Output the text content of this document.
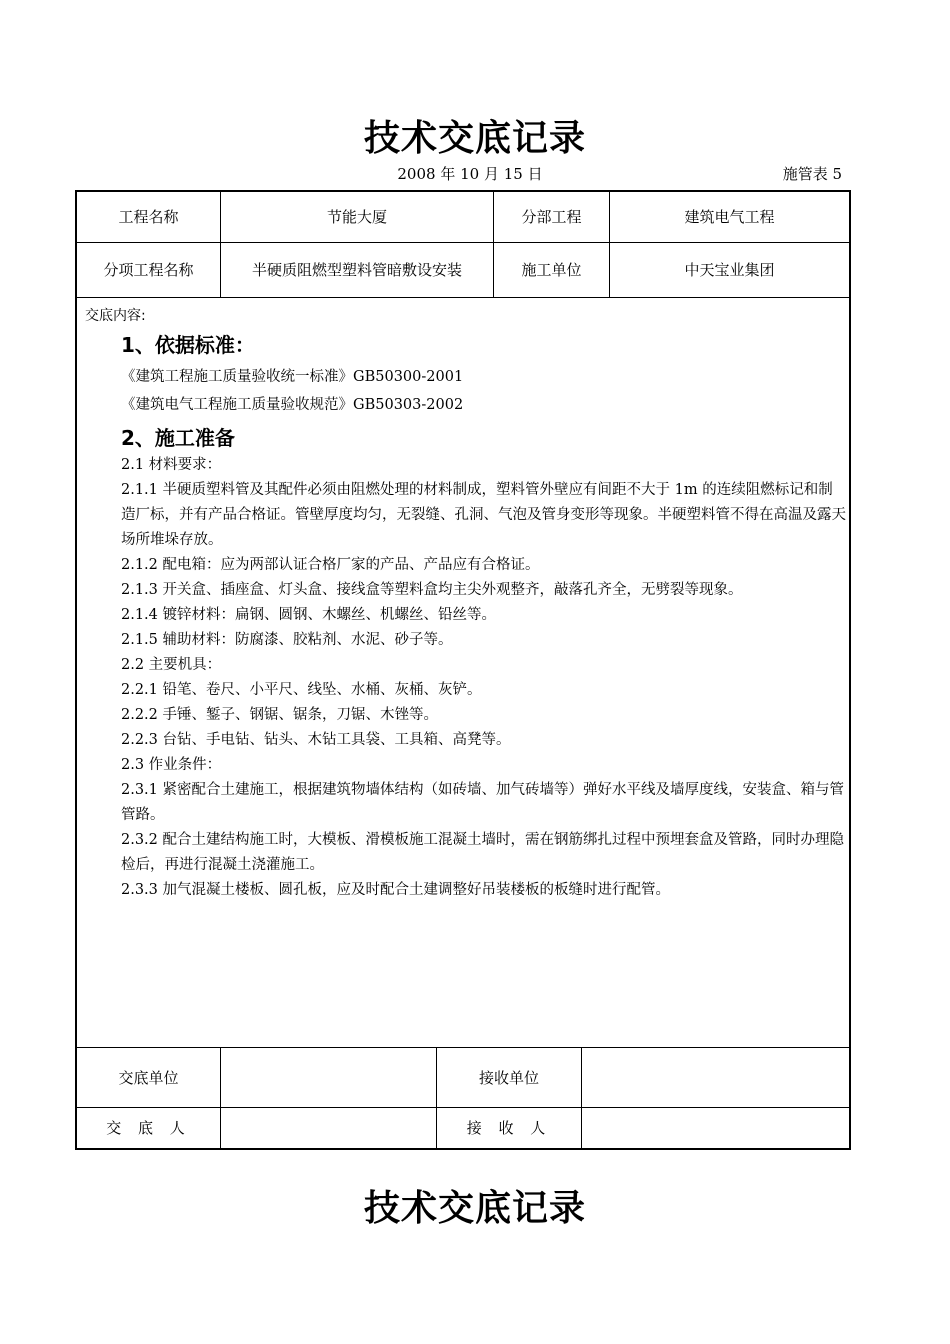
技术交底记录
2008 年 10 月 15 日	施管表 5
工程名称	节能大厦	分部工程	建筑电气工程
分项工程名称	半硬质阻燃型塑料管暗敷设安装	施工单位	中天宝业集团
交底内容:
1、依据标准：
《建筑工程施工质量验收统一标准》GB50300-2001
《建筑电气工程施工质量验收规范》GB50303-2002
2、施工准备
2.1 材料要求：
2.1.1 半硬质塑料管及其配件必须由阻燃处理的材料制成，塑料管外壁应有间距不大于 1m 的连续阻燃标记和制造厂标，并有产品合格证。管壁厚度均匀，无裂缝、孔洞、气泡及管身变形等现象。半硬塑料管不得在高温及露天场所堆垛存放。
2.1.2 配电箱：应为两部认证合格厂家的产品、产品应有合格证。
2.1.3 开关盒、插座盒、灯头盒、接线盒等塑料盒均主尖外观整齐，敲落孔齐全，无劈裂等现象。
2.1.4 镀锌材料：扁钢、圆钢、木螺丝、机螺丝、铅丝等。
2.1.5 辅助材料：防腐漆、胶粘剂、水泥、砂子等。
2.2 主要机具：
2.2.1 铅笔、卷尺、小平尺、线坠、水桶、灰桶、灰铲。
2.2.2 手锤、錾子、钢锯、锯条，刀锯、木锉等。
2.2.3 台钻、手电钻、钻头、木钻工具袋、工具箱、高凳等。
2.3 作业条件：
2.3.1 紧密配合土建施工，根据建筑物墙体结构（如砖墙、加气砖墙等）弹好水平线及墙厚度线，安装盒、箱与管管路。
2.3.2 配合土建结构施工时，大模板、滑模板施工混凝土墙时，需在钢筋绑扎过程中预埋套盒及管路，同时办理隐检后，再进行混凝土浇灌施工。
2.3.3 加气混凝土楼板、圆孔板，应及时配合土建调整好吊装楼板的板缝时进行配管。
交底单位		接收单位	
交 底 人		接 收 人	
技术交底记录
